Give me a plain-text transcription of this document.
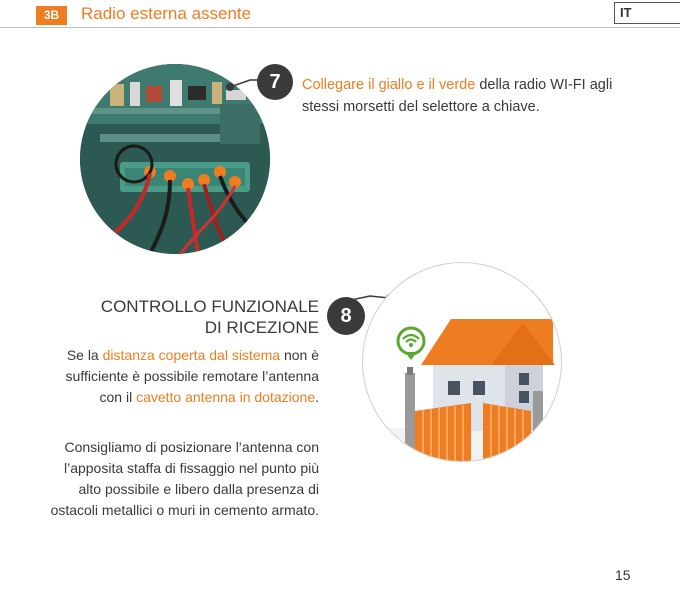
3B	Radio esterna assente	IT
7	Collegare il giallo e il verde della radio WI-FI agli stessi morsetti del selettore a chiave.
CONTROLLO FUNZIONALE
DI RICEZIONE
8
Se la distanza coperta dal sistema non è sufficiente è possibile remotare l’antenna con il cavetto antenna in dotazione.
Consigliamo di posizionare l’antenna con l’apposita staffa di fissaggio nel punto più alto possibile e libero dalla presenza di ostacoli metallici o muri in cemento armato.
15
